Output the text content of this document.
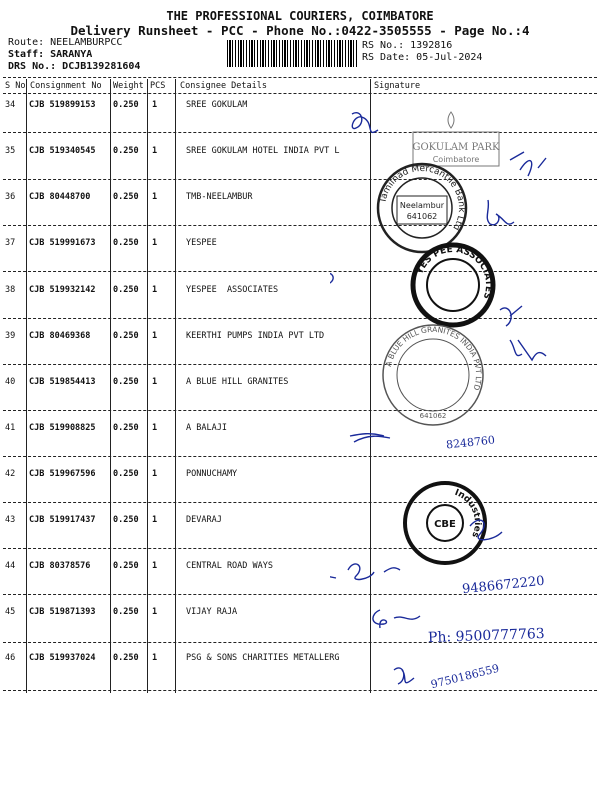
THE PROFESSIONAL COURIERS, COIMBATORE
Delivery Runsheet - PCC - Phone No.:0422-3505555 - Page No.:4
Route: NEELAMBURPCC
Staff: SARANYA
DRS No.: DCJB139281604
RS No.: 1392816
RS Date: 05-Jul-2024
S No Consignment No Weight PCS Consignee Details	Signature
34 CJB 519899153 0.250 1	SREE GOKULAM
35 CJB 519340545 0.250 1	SREE GOKULAM HOTEL INDIA PVT L
36 CJB 80448700	0.250 1	TMB-NEELAMBUR
37 CJB 519991673 0.250 1	YESPEE
38 CJB 519932142 0.250 1	YESPEE  ASSOCIATES
39 CJB 80469368	0.250 1	KEERTHI PUMPS INDIA PVT LTD
40 CJB 519854413 0.250 1	A BLUE HILL GRANITES
41 CJB 519908825 0.250 1	A BALAJI
42 CJB 519967596 0.250 1	PONNUCHAMY
43 CJB 519917437 0.250 1	DEVARAJ
44 CJB 80378576	0.250 1	CENTRAL ROAD WAYS
45 CJB 519871393 0.250 1	VIJAY RAJA
46 CJB 519937024 0.250 1	PSG & SONS CHARITIES METALLERG
GOKULAM PARK
Coimbatore
Tamilnad Mercantile Bank Ltd
Neelambur
641062
YES PEE ASSOCIATES
A BLUE HILL GRANITES INDIA PVT LTD
641062
Industries
CBE
8248760
9486672220
Ph: 9500777763
9750186559
